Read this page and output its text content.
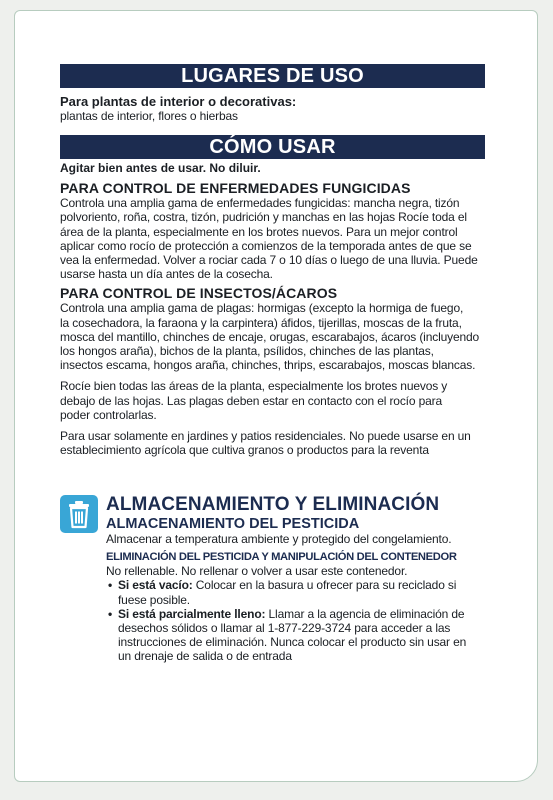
LUGARES DE USO
Para plantas de interior o decorativas:
plantas de interior, flores o hierbas
CÓMO USAR
Agitar bien antes de usar. No diluir.
PARA CONTROL DE ENFERMEDADES FUNGICIDAS

Controla una amplia gama de enfermedades fungicidas: mancha negra, tizón

polvoriento, roña, costra, tizón, pudrición y manchas en las hojas Rocíe toda el

área de la planta, especialmente en los brotes nuevos. Para un mejor control

aplicar como rocío de protección a comienzos de la temporada antes de que se

vea la enfermedad. Volver a rociar cada 7 o 10 días o luego de una lluvia. Puede

usarse hasta un día antes de la cosecha.

PARA CONTROL DE INSECTOS/ÁCAROS

Controla una amplia gama de plagas: hormigas (excepto la hormiga de fuego,

la cosechadora, la faraona y la carpintera) áfidos, tijerillas, moscas de la fruta,

mosca del mantillo, chinches de encaje, orugas, escarabajos, ácaros (incluyendo

los hongos araña), bichos de la planta, psílidos, chinches de las plantas,

insectos escama, hongos araña, chinches, thrips, escarabajos, moscas blancas.

Rocíe bien todas las áreas de la planta, especialmente los brotes nuevos y

debajo de las hojas. Las plagas deben estar en contacto con el rocío para

poder controlarlas.

Para usar solamente en jardines y patios residenciales. No puede usarse en un

establecimiento agrícola que cultiva granos o productos para la reventa

ALMACENAMIENTO Y ELIMINACIÓN
ALMACENAMIENTO DEL PESTICIDA
Almacenar a temperatura ambiente y protegido del congelamiento.
ELIMINACIÓN DEL PESTICIDA Y MANIPULACIÓN DEL CONTENEDOR
No rellenable. No rellenar o volver a usar este contenedor.
• Si está vacío: Colocar en la basura u ofrecer para su reciclado si
fuese posible.
• Si está parcialmente lleno: Llamar a la agencia de eliminación de
desechos sólidos o llamar al 1-877-229-3724 para acceder a las
instrucciones de eliminación. Nunca colocar el producto sin usar en
un drenaje de salida o de entrada
